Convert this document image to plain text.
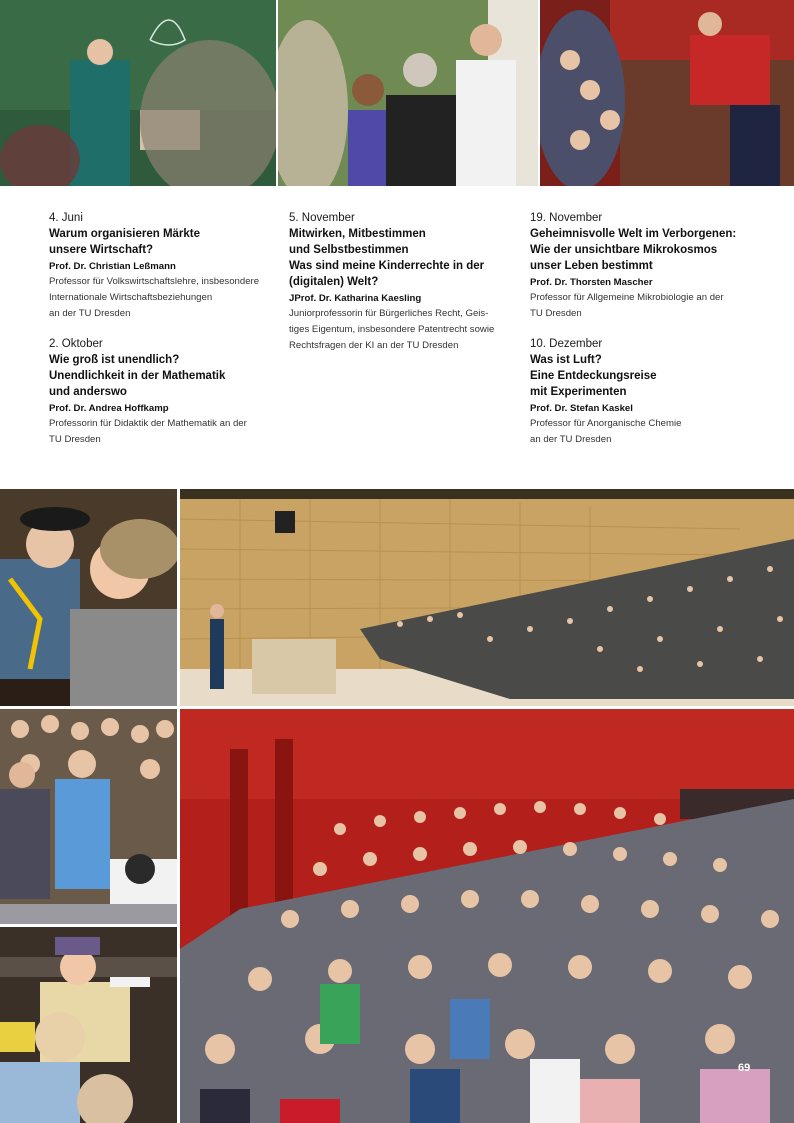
4. Juni
Warum organisieren Märkte
unsere Wirtschaft?
Prof. Dr. Christian Leßmann
Professor für Volkswirtschaftslehre, insbesondere
Internationale Wirtschaftsbeziehungen
an der TU Dresden
2. Oktober
Wie groß ist unendlich?
Unendlichkeit in der Mathematik
und anderswo
Prof. Dr. Andrea Hoffkamp
Professorin für Didaktik der Mathematik an der
TU Dresden
5. November
Mitwirken, Mitbestimmen
und Selbstbestimmen
Was sind meine Kinderrechte in der
(digitalen) Welt?
JProf. Dr. Katharina Kaesling
Juniorprofessorin für Bürgerliches Recht, Geis-
tiges Eigentum, insbesondere Patentrecht sowie
Rechtsfragen der KI an der TU Dresden
19. November
Geheimnisvolle Welt im Verborgenen:
Wie der unsichtbare Mikrokosmos
unser Leben bestimmt
Prof. Dr. Thorsten Mascher
Professor für Allgemeine Mikrobiologie an der
TU Dresden
10. Dezember
Was ist Luft?
Eine Entdeckungsreise
mit Experimenten
Prof. Dr. Stefan Kaskel
Professor für Anorganische Chemie
an der TU Dresden
69
